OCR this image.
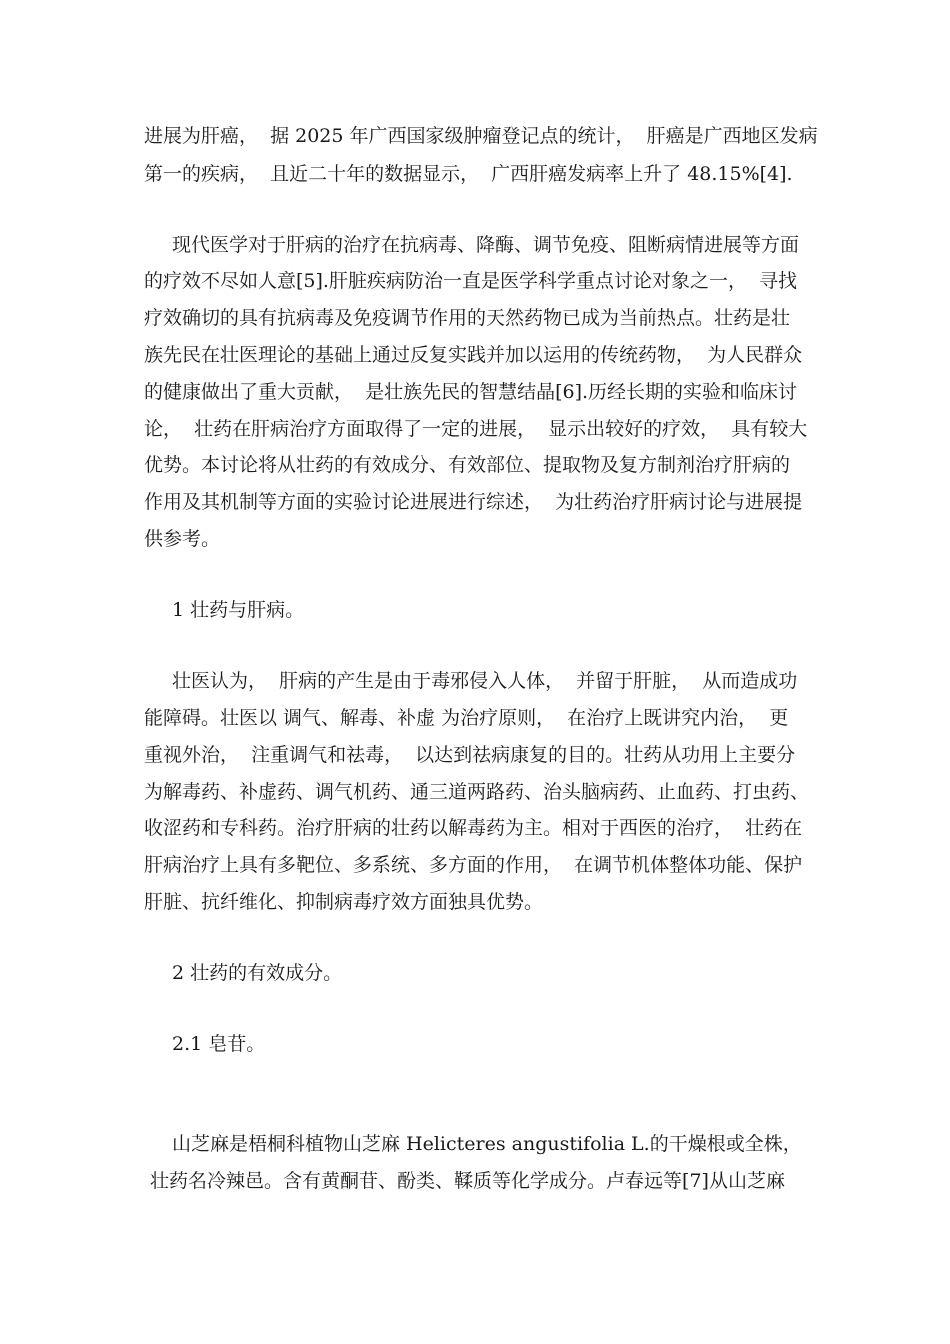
进展为肝癌，  据 2025 年广西国家级肿瘤登记点的统计，  肝癌是广西地区发病
第一的疾病，  且近二十年的数据显示，  广西肝癌发病率上升了 48.15%[4].
现代医学对于肝病的治疗在抗病毒、降酶、调节免疫、阻断病情进展等方面
的疗效不尽如人意[5].肝脏疾病防治一直是医学科学重点讨论对象之一，  寻找
疗效确切的具有抗病毒及免疫调节作用的天然药物已成为当前热点。壮药是壮
族先民在壮医理论的基础上通过反复实践并加以运用的传统药物，  为人民群众
的健康做出了重大贡献，  是壮族先民的智慧结晶[6].历经长期的实验和临床讨
论，  壮药在肝病治疗方面取得了一定的进展，  显示出较好的疗效，  具有较大
优势。本讨论将从壮药的有效成分、有效部位、提取物及复方制剂治疗肝病的
作用及其机制等方面的实验讨论进展进行综述，  为壮药治疗肝病讨论与进展提
供参考。
1 壮药与肝病。
壮医认为，  肝病的产生是由于毒邪侵入人体，  并留于肝脏，  从而造成功
能障碍。壮医以 调气、解毒、补虚 为治疗原则，  在治疗上既讲究内治，  更
重视外治，  注重调气和祛毒，  以达到祛病康复的目的。壮药从功用上主要分
为解毒药、补虚药、调气机药、通三道两路药、治头脑病药、止血药、打虫药、
收涩药和专科药。治疗肝病的壮药以解毒药为主。相对于西医的治疗，  壮药在
肝病治疗上具有多靶位、多系统、多方面的作用，  在调节机体整体功能、保护
肝脏、抗纤维化、抑制病毒疗效方面独具优势。
2 壮药的有效成分。
2.1 皂苷。
山芝麻是梧桐科植物山芝麻 Helicteres angustifolia L.的干燥根或全株，
壮药名冷辣邑。含有黄酮苷、酚类、鞣质等化学成分。卢春远等[7]从山芝麻
